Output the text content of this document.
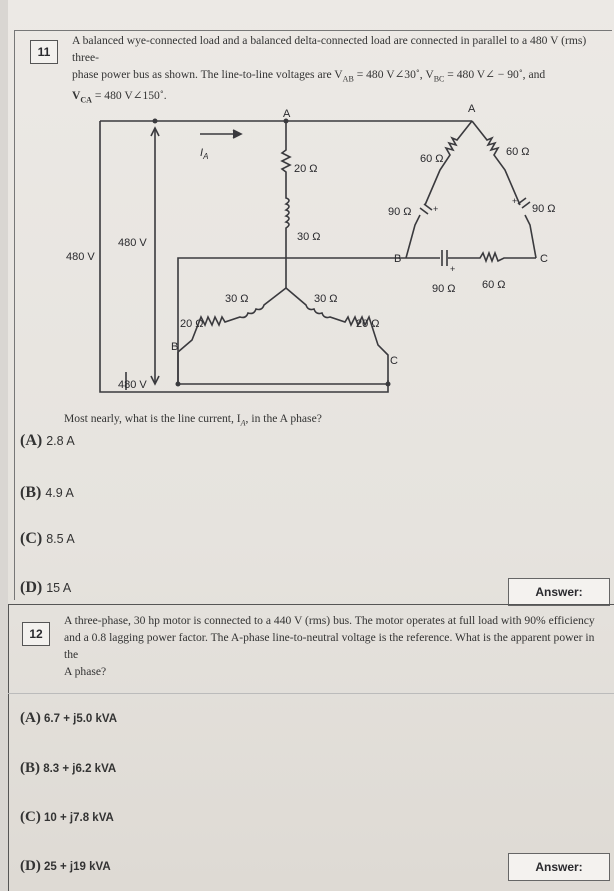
11
A balanced wye-connected load and a balanced delta-connected load are connected in parallel to a 480 V (rms) three-
phase power bus as shown. The line-to-line voltages are $V_{AB} = 480$ V∠30˚, $V_{BC} = 480$ V∠ − 90˚, and
$V_{CA} = 480$ V∠150˚.
A	A
B
B
C
C
$I_A$
480 V
480 V
480 V
20 Ω
30 Ω
30 Ω
20 Ω
30 Ω
20 Ω
60 Ω
90 Ω
60 Ω
90 Ω
90 Ω 60 Ω
+
+
+
Most nearly, what is the line current, $I_A$, in the A phase?
(A) 2.8 A
(B) 4.9 A
(C) 8.5 A
(D) 15 A	Answer:
12
A three-phase, 30 hp motor is connected to a 440 V (rms) bus. The motor operates at full load with 90% efficiency
and a 0.8 lagging power factor. The A-phase line-to-neutral voltage is the reference. What is the apparent power in the
A phase?
(A) 6.7 + j5.0 kVA
(B) 8.3 + j6.2 kVA
(C) 10 + j7.8 kVA
(D) 25 + j19 kVA	Answer:
